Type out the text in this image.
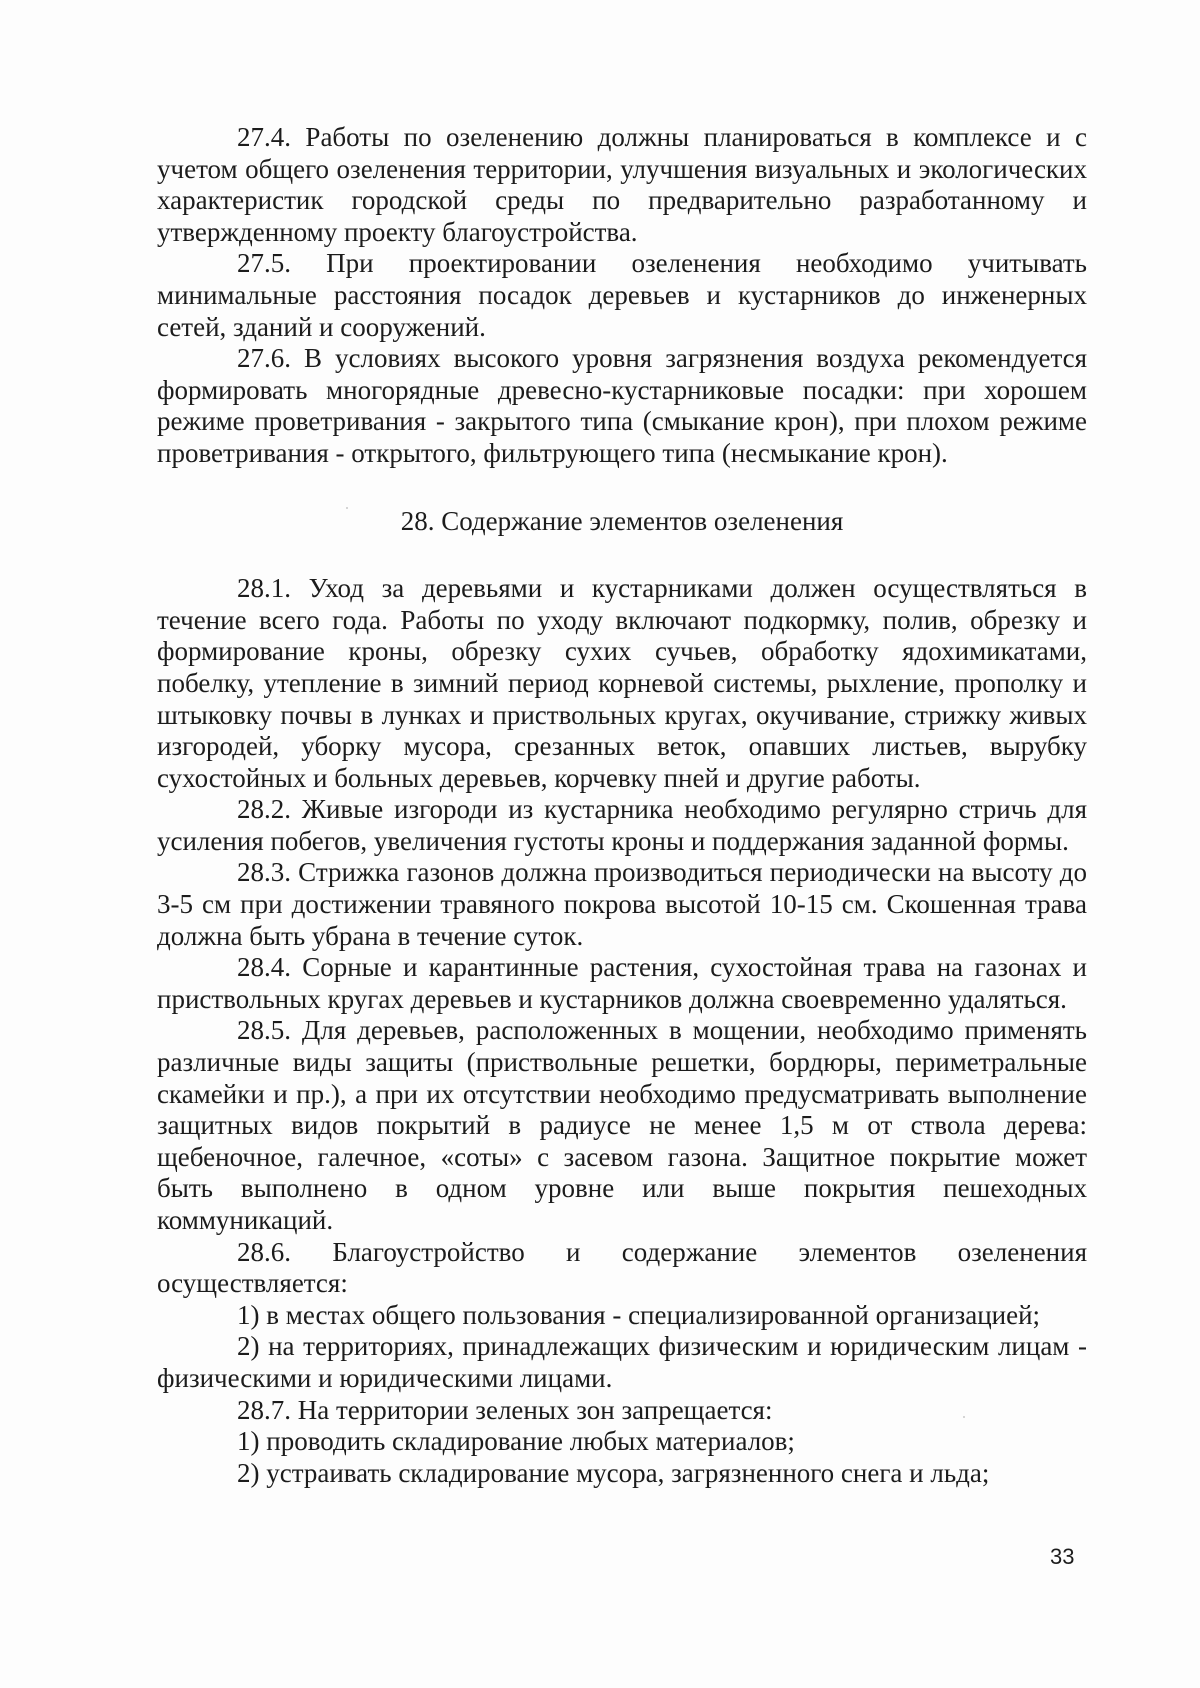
27.4. Работы по озеленению должны планироваться в комплексе и с учетом общего озеленения территории, улучшения визуальных и экологических характеристик городской среды по предварительно разработанному и утвержденному проекту благоустройства.

27.5. При проектировании озеленения необходимо учитывать минимальные расстояния посадок деревьев и кустарников до инженерных сетей, зданий и сооружений.

27.6. В условиях высокого уровня загрязнения воздуха рекомендуется формировать многорядные древесно-кустарниковые посадки: при хорошем режиме проветривания - закрытого типа (смыкание крон), при плохом режиме проветривания - открытого, фильтрующего типа (несмыкание крон).

28. Содержание элементов озеленения

28.1. Уход за деревьями и кустарниками должен осуществляться в течение всего года. Работы по уходу включают подкормку, полив, обрезку и формирование кроны, обрезку сухих сучьев, обработку ядохимикатами, побелку, утепление в зимний период корневой системы, рыхление, прополку и штыковку почвы в лунках и приствольных кругах, окучивание, стрижку живых изгородей, уборку мусора, срезанных веток, опавших листьев, вырубку сухостойных и больных деревьев, корчевку пней и другие работы.

28.2. Живые изгороди из кустарника необходимо регулярно стричь для усиления побегов, увеличения густоты кроны и поддержания заданной формы.

28.3. Стрижка газонов должна производиться периодически на высоту до 3-5 см при достижении травяного покрова высотой 10-15 см. Скошенная трава должна быть убрана в течение суток.

28.4. Сорные и карантинные растения, сухостойная трава на газонах и приствольных кругах деревьев и кустарников должна своевременно удаляться.

28.5. Для деревьев, расположенных в мощении, необходимо применять различные виды защиты (приствольные решетки, бордюры, периметральные скамейки и пр.), а при их отсутствии необходимо предусматривать выполнение защитных видов покрытий в радиусе не менее 1,5 м от ствола дерева: щебеночное, галечное, «соты» с засевом газона. Защитное покрытие может быть выполнено в одном уровне или выше покрытия пешеходных коммуникаций.

28.6. Благоустройство и содержание элементов озеленения осуществляется:

1) в местах общего пользования - специализированной организацией;

2) на территориях, принадлежащих физическим и юридическим лицам - физическими и юридическими лицами.

28.7. На территории зеленых зон запрещается:

1) проводить складирование любых материалов;

2) устраивать складирование мусора, загрязненного снега и льда;

33
